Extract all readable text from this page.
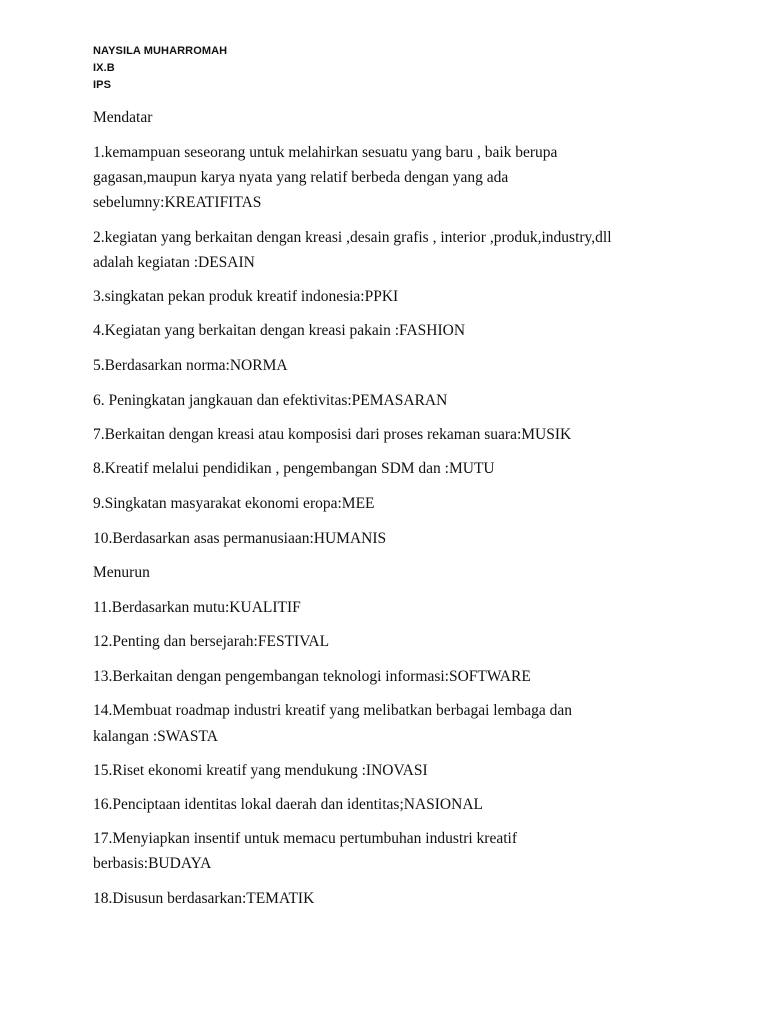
NAYSILA MUHARROMAH
IX.B
IPS
Mendatar
1.kemampuan seseorang untuk melahirkan sesuatu yang baru , baik berupa
gagasan,maupun karya nyata yang relatif berbeda dengan yang ada
sebelumny:KREATIFITAS
2.kegiatan yang berkaitan dengan kreasi ,desain grafis , interior ,produk,industry,dll
adalah kegiatan :DESAIN
3.singkatan pekan produk kreatif indonesia:PPKI
4.Kegiatan yang berkaitan dengan kreasi pakain :FASHION
5.Berdasarkan norma:NORMA
6. Peningkatan jangkauan dan efektivitas:PEMASARAN
7.Berkaitan dengan kreasi atau komposisi dari proses rekaman suara:MUSIK
8.Kreatif melalui pendidikan , pengembangan SDM dan :MUTU
9.Singkatan masyarakat ekonomi eropa:MEE
10.Berdasarkan asas permanusiaan:HUMANIS
Menurun
11.Berdasarkan mutu:KUALITIF
12.Penting dan bersejarah:FESTIVAL
13.Berkaitan dengan pengembangan teknologi informasi:SOFTWARE
14.Membuat roadmap industri kreatif yang melibatkan berbagai lembaga dan
kalangan :SWASTA
15.Riset ekonomi kreatif yang mendukung :INOVASI
16.Penciptaan identitas lokal daerah dan identitas;NASIONAL
17.Menyiapkan insentif untuk memacu pertumbuhan industri kreatif
berbasis:BUDAYA
18.Disusun berdasarkan:TEMATIK
